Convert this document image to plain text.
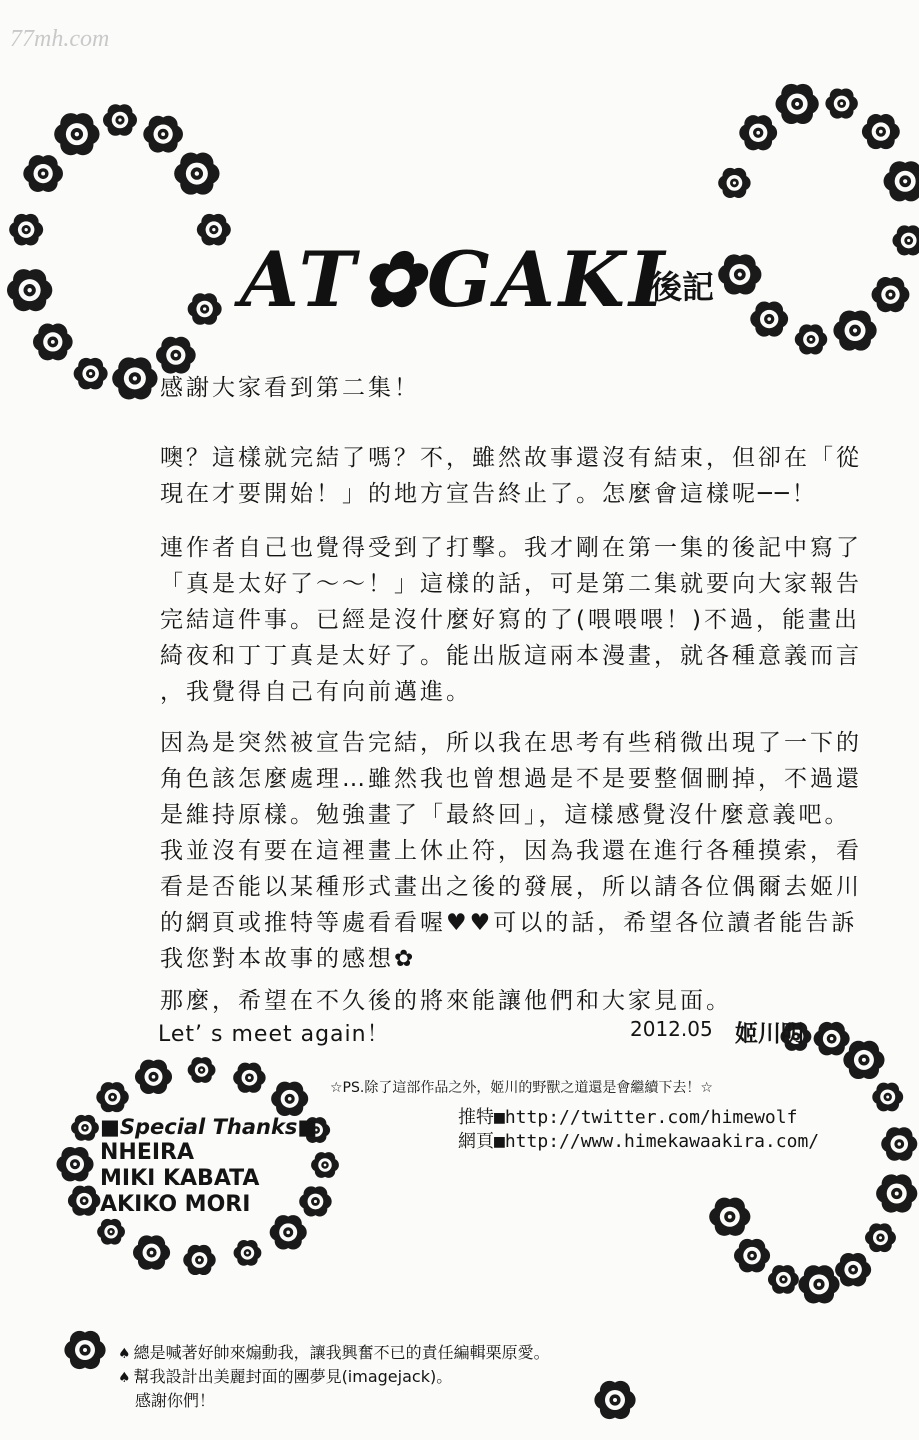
77mh.com
AT✿GAKI
後記
感謝大家看到第二集！
噢？這樣就完結了嗎？不，雖然故事還沒有結束，但卻在「從
現在才要開始！」的地方宣告終止了。怎麼會這樣呢──！
連作者自己也覺得受到了打擊。我才剛在第一集的後記中寫了
「真是太好了～～！」這樣的話，可是第二集就要向大家報告
完結這件事。已經是沒什麼好寫的了(喂喂喂！)不過，能畫出
綺夜和丁丁真是太好了。能出版這兩本漫畫，就各種意義而言
，我覺得自己有向前邁進。
因為是突然被宣告完結，所以我在思考有些稍微出現了一下的
角色該怎麼處理…雖然我也曾想過是不是要整個刪掉，不過還
是維持原樣。勉強畫了「最終回」，這樣感覺沒什麼意義吧。
我並沒有要在這裡畫上休止符，因為我還在進行各種摸索，看
看是否能以某種形式畫出之後的發展，所以請各位偶爾去姬川
的網頁或推特等處看看喔♥♥可以的話，希望各位讀者能告訴
我您對本故事的感想✿
那麼，希望在不久後的將來能讓他們和大家見面。
Let’ s meet again！	2012.05 姬川明
■Special Thanks■
NHEIRA
MIKI KABATA
AKIKO MORI
☆PS.除了這部作品之外，姬川的野獸之道還是會繼續下去！☆
推特■http://twitter.com/himewolf
網頁■http://www.himekawaakira.com/
♠ 總是喊著好帥來煽動我，讓我興奮不已的責任編輯栗原愛。
♠ 幫我設計出美麗封面的團夢見(imagejack)。
感謝你們！
